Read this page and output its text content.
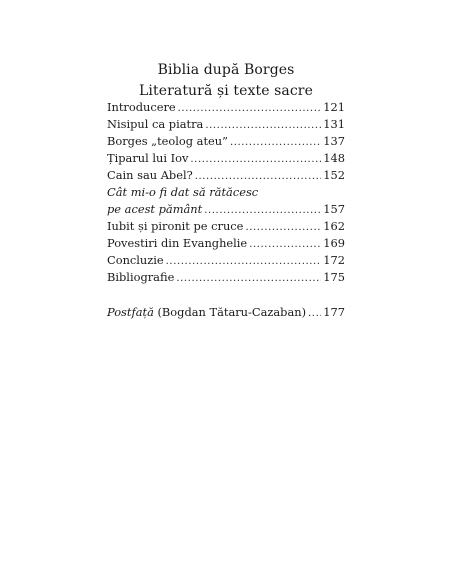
Biblia după Borges
Literatură și texte sacre
Introducere .....	121
Nisipul ca piatra .....	131
Borges „teolog ateu” .....	137
Țiparul lui Iov .....	148
Cain sau Abel? .....	152
Cât mi-o fi dat să rătăcesc
pe acest pământ .....	157
Iubit și pironit pe cruce .....	162
Povestiri din Evanghelie .....	169
Concluzie .....	172
Bibliografie .....	175
Postfață (Bogdan Tătaru-Cazaban) ..... 177
